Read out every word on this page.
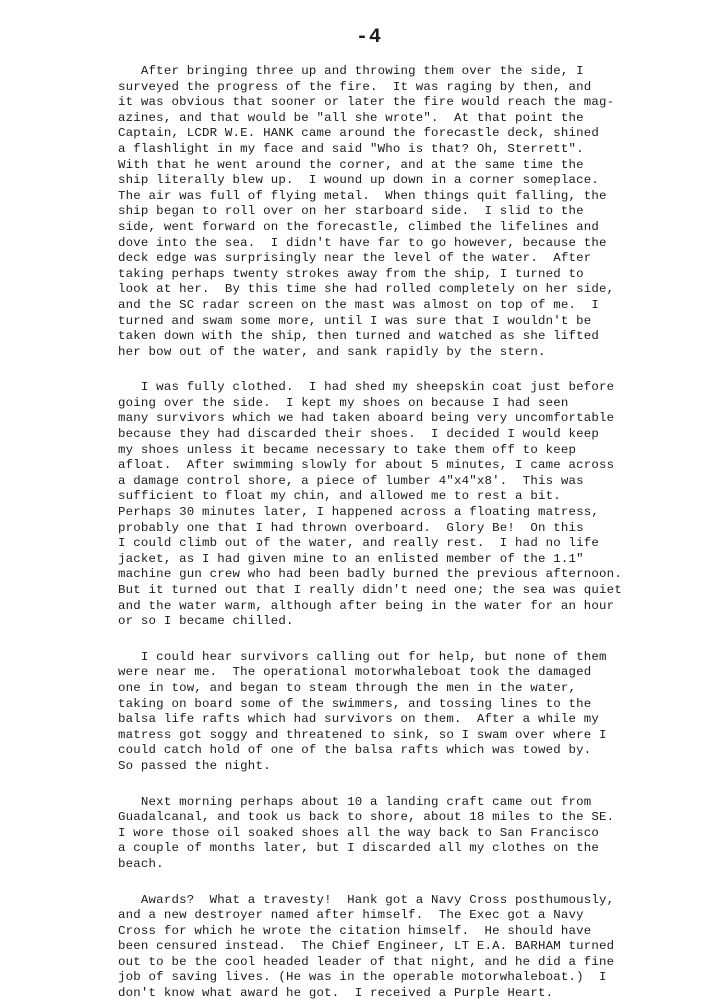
-4
After bringing three up and throwing them over the side, I
surveyed the progress of the fire.  It was raging by then, and
it was obvious that sooner or later the fire would reach the mag-
azines, and that would be "all she wrote".  At that point the
Captain, LCDR W.E. HANK came around the forecastle deck, shined
a flashlight in my face and said "Who is that? Oh, Sterrett".
With that he went around the corner, and at the same time the
ship literally blew up.  I wound up down in a corner someplace.
The air was full of flying metal.  When things quit falling, the
ship began to roll over on her starboard side.  I slid to the
side, went forward on the forecastle, climbed the lifelines and
dove into the sea.  I didn't have far to go however, because the
deck edge was surprisingly near the level of the water.  After
taking perhaps twenty strokes away from the ship, I turned to
look at her.  By this time she had rolled completely on her side,
and the SC radar screen on the mast was almost on top of me.  I
turned and swam some more, until I was sure that I wouldn't be
taken down with the ship, then turned and watched as she lifted
her bow out of the water, and sank rapidly by the stern.
I was fully clothed.  I had shed my sheepskin coat just before
going over the side.  I kept my shoes on because I had seen
many survivors which we had taken aboard being very uncomfortable
because they had discarded their shoes.  I decided I would keep
my shoes unless it became necessary to take them off to keep
afloat.  After swimming slowly for about 5 minutes, I came across
a damage control shore, a piece of lumber 4"x4"x8'.  This was
sufficient to float my chin, and allowed me to rest a bit.
Perhaps 30 minutes later, I happened across a floating matress,
probably one that I had thrown overboard.  Glory Be!  On this
I could climb out of the water, and really rest.  I had no life
jacket, as I had given mine to an enlisted member of the 1.1"
machine gun crew who had been badly burned the previous afternoon.
But it turned out that I really didn't need one; the sea was quiet
and the water warm, although after being in the water for an hour
or so I became chilled.
I could hear survivors calling out for help, but none of them
were near me.  The operational motorwhaleboat took the damaged
one in tow, and began to steam through the men in the water,
taking on board some of the swimmers, and tossing lines to the
balsa life rafts which had survivors on them.  After a while my
matress got soggy and threatened to sink, so I swam over where I
could catch hold of one of the balsa rafts which was towed by.
So passed the night.
Next morning perhaps about 10 a landing craft came out from
Guadalcanal, and took us back to shore, about 18 miles to the SE.
I wore those oil soaked shoes all the way back to San Francisco
a couple of months later, but I discarded all my clothes on the
beach.
Awards?  What a travesty!  Hank got a Navy Cross posthumously,
and a new destroyer named after himself.  The Exec got a Navy
Cross for which he wrote the citation himself.  He should have
been censured instead.  The Chief Engineer, LT E.A. BARHAM turned
out to be the cool headed leader of that night, and he did a fine
job of saving lives. (He was in the operable motorwhaleboat.)  I
don't know what award he got.  I received a Purple Heart.
